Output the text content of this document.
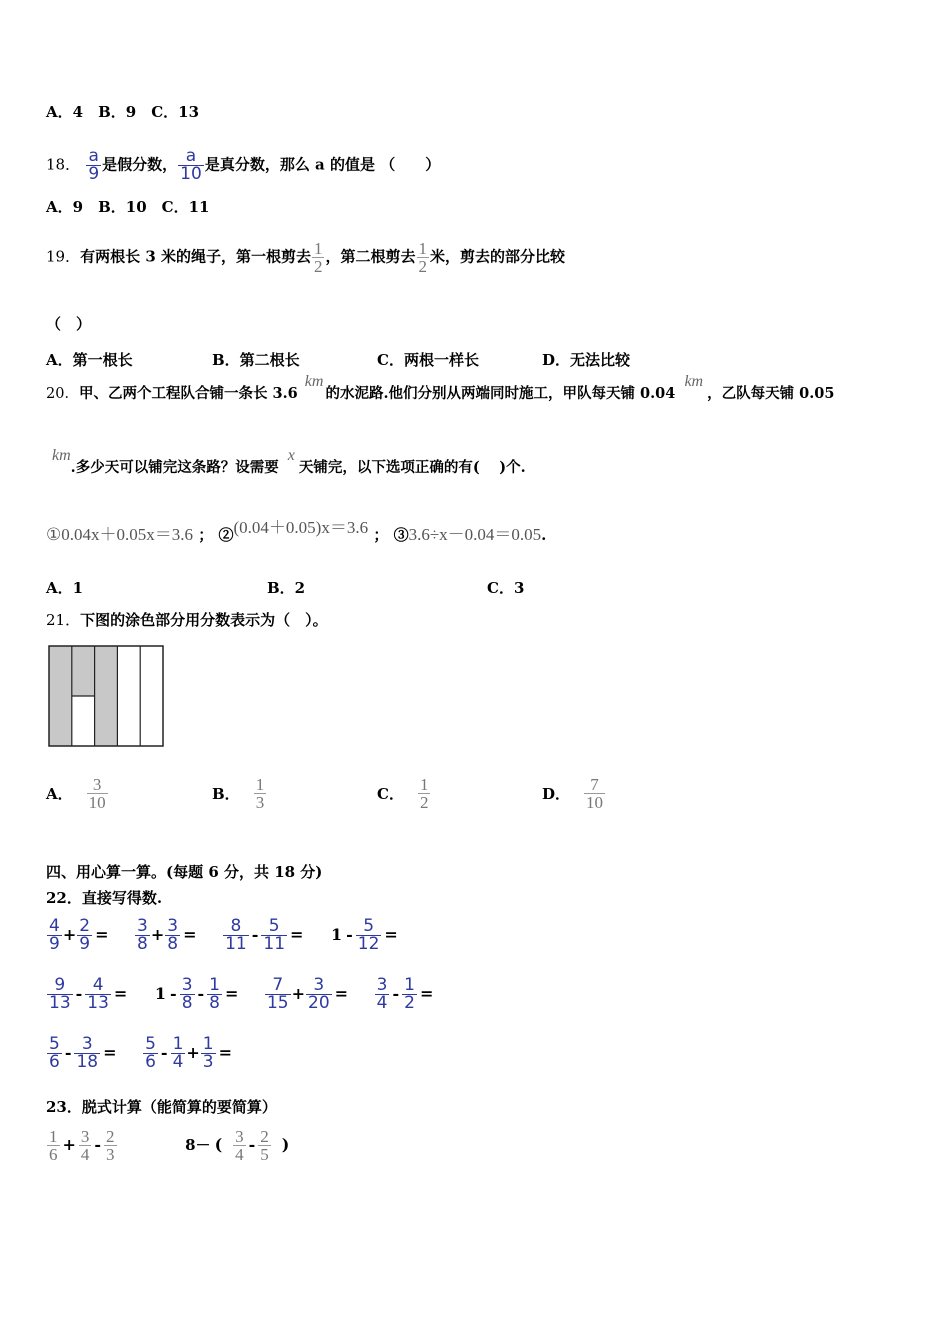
A．4　B．9　C．13
18． $\frac{a}{9}$ 是假分数， $\frac{a}{10}$ 是真分数，那么 a 的值是 （　　）
A．9　B．10　C．11
19．有两根长 3 米的绳子，第一根剪去 $\frac{1}{2}$ ，第二根剪去 $\frac{1}{2}$ 米，剪去的部分比较
（　）
A．第一根长	B．第二根长	C．两根一样长	D．无法比较
20．甲、乙两个工程队合铺一条长 3.6 km的水泥路.他们分别从两端同时施工，甲队每天铺 0.04 km，乙队每天铺 0.05
km.多少天可以铺完这条路？设需要 x天铺完，以下选项正确的有(　 )个.
①0.04x＋0.05x＝3.6 ； ②(0.04＋0.05)x＝3.6 ； ③3.6÷x－0.04＝0.05.
A．1	B．2	C．3
21．下图的涂色部分用分数表示为（　）。
A． $\frac{3}{10}$	B． $\frac{1}{3}$	C． $\frac{1}{2}$	D． $\frac{7}{10}$
四、用心算一算。(每题 6 分，共 18 分)
22．直接写得数.
$\frac{4}{9} + \frac{2}{9} = \frac{3}{8} + \frac{3}{8} = \frac{8}{11} - \frac{5}{11} = 1 - \frac{5}{12}$ =
$\frac{9}{13} - \frac{4}{13} = 1 - \frac{3}{8} - \frac{1}{8} = \frac{7}{15} + \frac{3}{20} = \frac{3}{4} - \frac{1}{2}$ =
$\frac{5}{6} - \frac{3}{18} = \frac{5}{6} - \frac{1}{4} + \frac{1}{3}$ =
23．脱式计算（能简算的要简算）
$\frac{1}{6} + \frac{3}{4} - \frac{2}{3}$	8－ ( $\frac{3}{4} - \frac{2}{5}$ )
